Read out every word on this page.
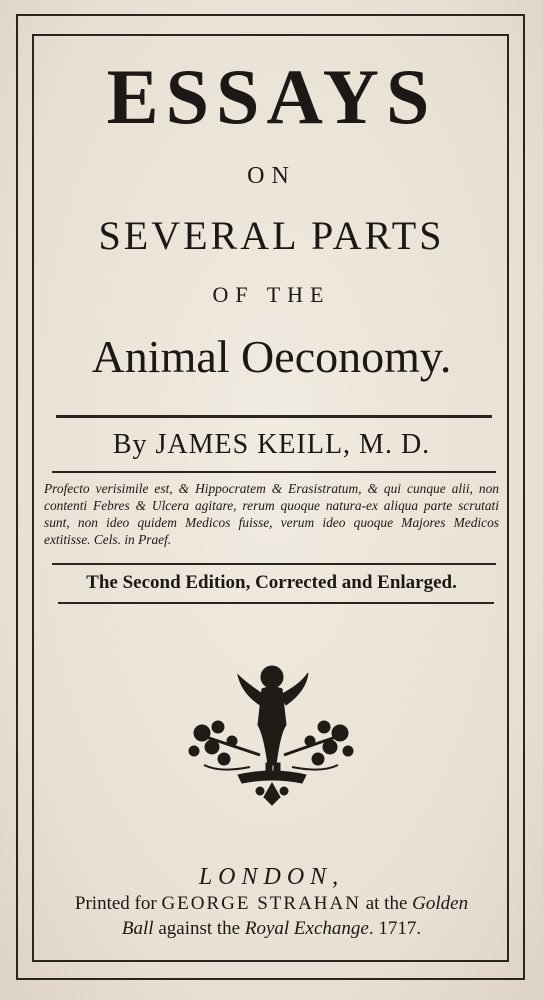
ESSAYS
ON
SEVERAL PARTS
OF THE
Animal Oeconomy.
By JAMES KEILL, M. D.
Profecto verisimile est, & Hippocratem & Erasistratum, & qui cunque alii, non contenti Febres & Ulcera agitare, rerum quoque natura-ex aliqua parte scrutati sunt, non ideo quidem Medicos fuisse, verum ideo quoque Majores Medicos extitisse. Cels. in Praef.
The Second Edition, Corrected and Enlarged.
LONDON,
Printed for GEORGE STRAHAN at the Golden
Ball against the Royal Exchange. 1717.
